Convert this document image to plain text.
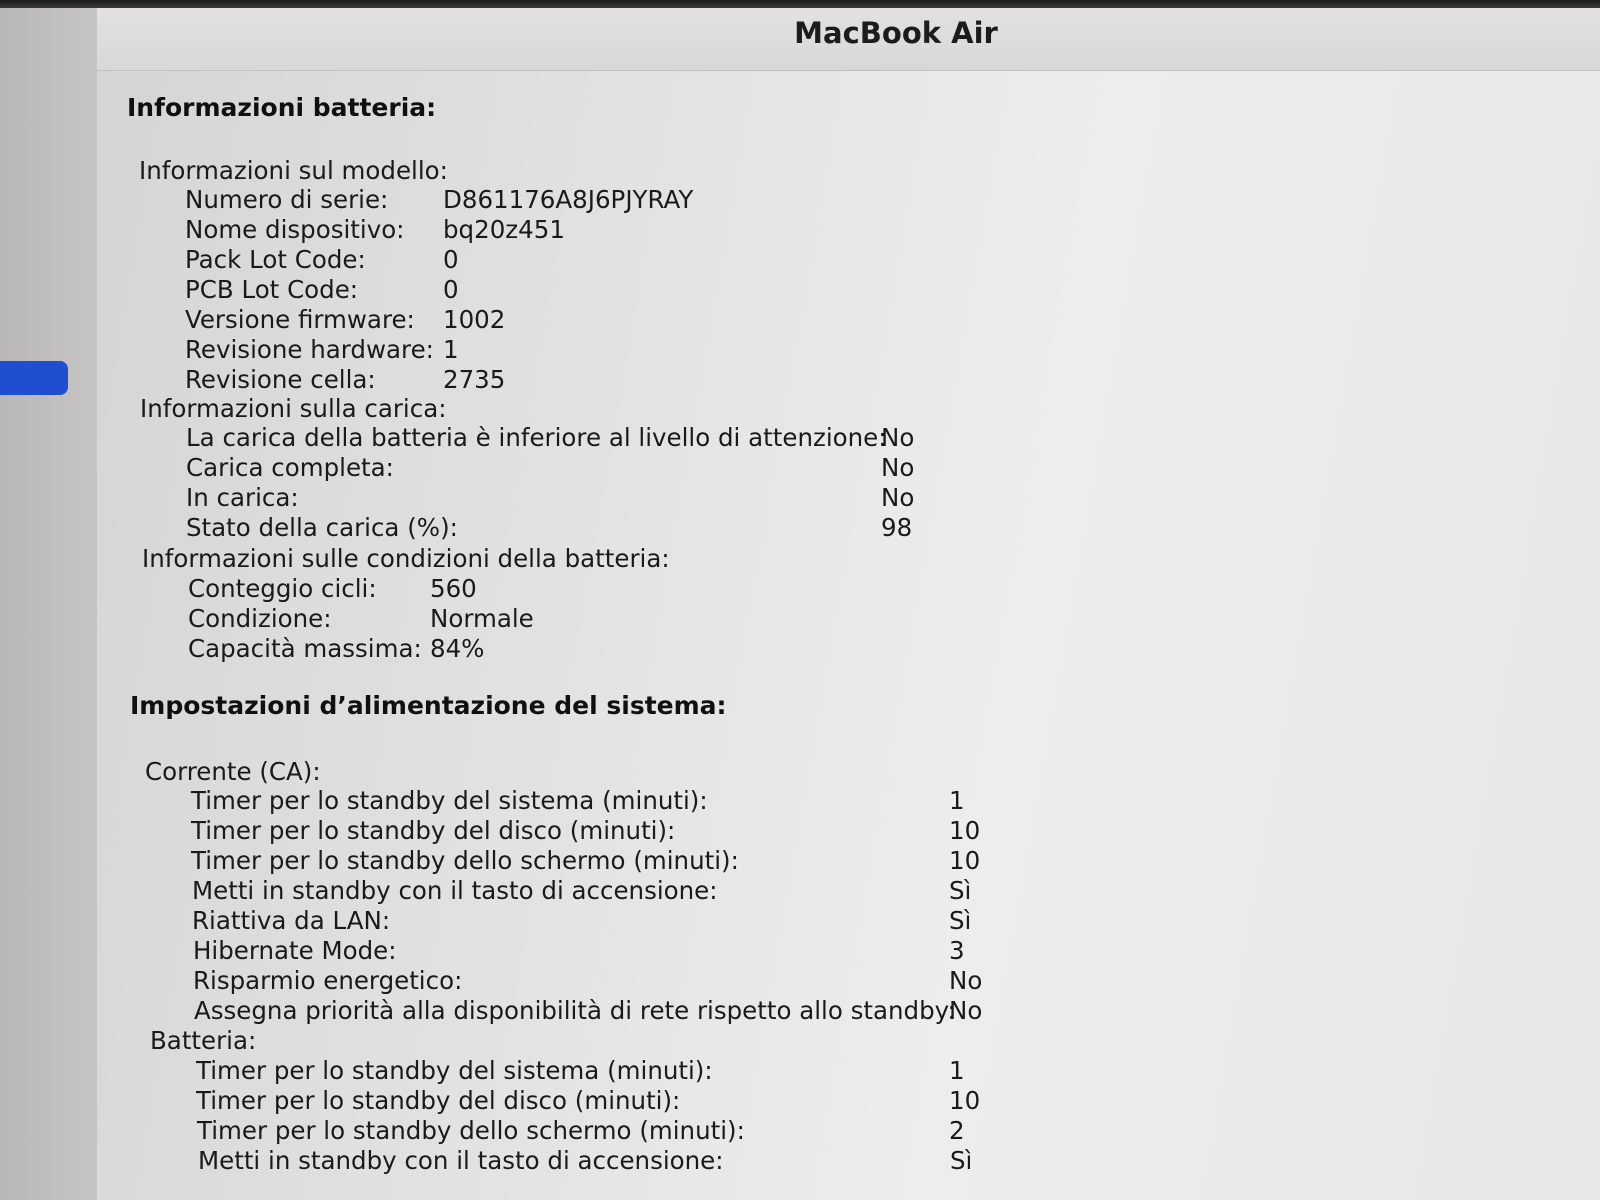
MacBook Air
Informazioni batteria:
Informazioni sul modello:
Numero di serie: D861176A8J6PJYRAY
Nome dispositivo: bq20z451
Pack Lot Code:	0
PCB Lot Code:	0
Versione firmware: 1002
Revisione hardware: 1
Revisione cella:	2735
Informazioni sulla carica:
La carica della batteria è inferiore al livello di attenzione:
No
Carica completa:	No
In carica:	No
Stato della carica (%):	98
Informazioni sulle condizioni della batteria:
Conteggio cicli: 560
Condizione:	Normale
Capacità massima: 84%
Impostazioni d’alimentazione del sistema:
Corrente (CA):
Timer per lo standby del sistema (minuti):	1
Timer per lo standby del disco (minuti):	10
Timer per lo standby dello schermo (minuti):	10
Metti in standby con il tasto di accensione:	Sì
Riattiva da LAN:	Sì
Hibernate Mode:	3
Risparmio energetico:	No
Assegna priorità alla disponibilità di rete rispetto allo standby:
No
Batteria:
Timer per lo standby del sistema (minuti):	1
Timer per lo standby del disco (minuti):	10
Timer per lo standby dello schermo (minuti):	2
Metti in standby con il tasto di accensione:	Sì
